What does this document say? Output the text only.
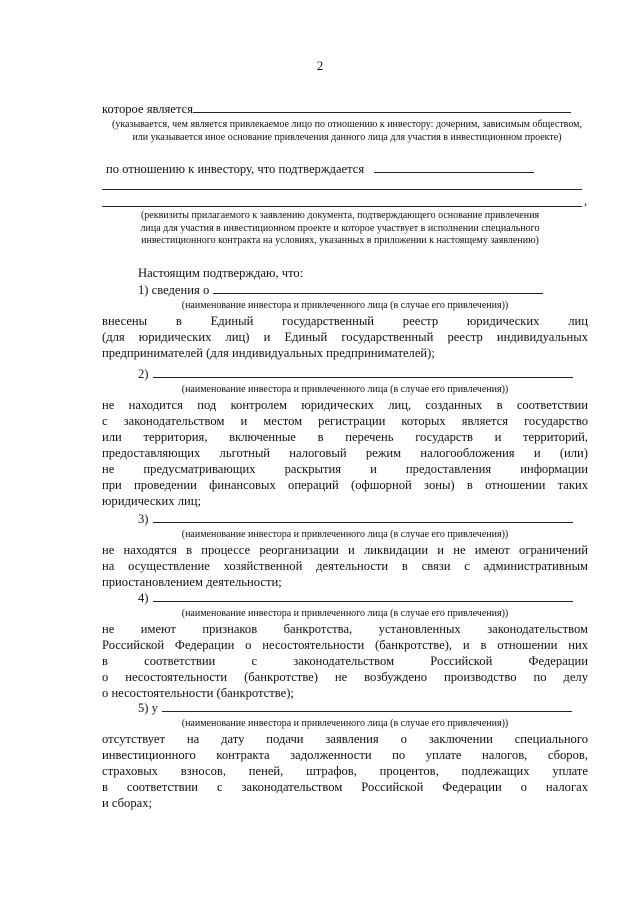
2
которое является
(указывается, чем является привлекаемое лицо по отношению к инвестору: дочерним, зависимым обществом, или указывается иное основание привлечения данного лица для участия в инвестиционном проекте)
по отношению к инвестору, что подтверждается
,
(реквизиты прилагаемого к заявлению документа, подтверждающего основание привлечения лица для участия в инвестиционном проекте и которое участвует в исполнении специального инвестиционного контракта на условиях, указанных в приложении к настоящему заявлению)
Настоящим подтверждаю, что:
1) сведения о
(наименование инвестора и привлеченного лица (в случае его привлечения))
внесены в Единый государственный реестр юридических лиц
(для юридических лиц) и Единый государственный реестр индивидуальных
предпринимателей (для индивидуальных предпринимателей);
2)
(наименование инвестора и привлеченного лица (в случае его привлечения))
не находится под контролем юридических лиц, созданных в соответствии
с законодательством и местом регистрации которых является государство
или территория, включенные в перечень государств и территорий,
предоставляющих льготный налоговый режим налогообложения и (или)
не предусматривающих раскрытия и предоставления информации
при проведении финансовых операций (офшорной зоны) в отношении таких
юридических лиц;
3)
(наименование инвестора и привлеченного лица (в случае его привлечения))
не находятся в процессе реорганизации и ликвидации и не имеют ограничений
на осуществление хозяйственной деятельности в связи с административным
приостановлением деятельности;
4)
(наименование инвестора и привлеченного лица (в случае его привлечения))
не имеют признаков банкротства, установленных законодательством
Российской Федерации о несостоятельности (банкротстве), и в отношении них
в соответствии с законодательством Российской Федерации
о несостоятельности (банкротстве) не возбуждено производство по делу
о несостоятельности (банкротстве);
5) у
(наименование инвестора и привлеченного лица (в случае его привлечения))
отсутствует на дату подачи заявления о заключении специального
инвестиционного контракта задолженности по уплате налогов, сборов,
страховых взносов, пеней, штрафов, процентов, подлежащих уплате
в соответствии с законодательством Российской Федерации о налогах
и сборах;
